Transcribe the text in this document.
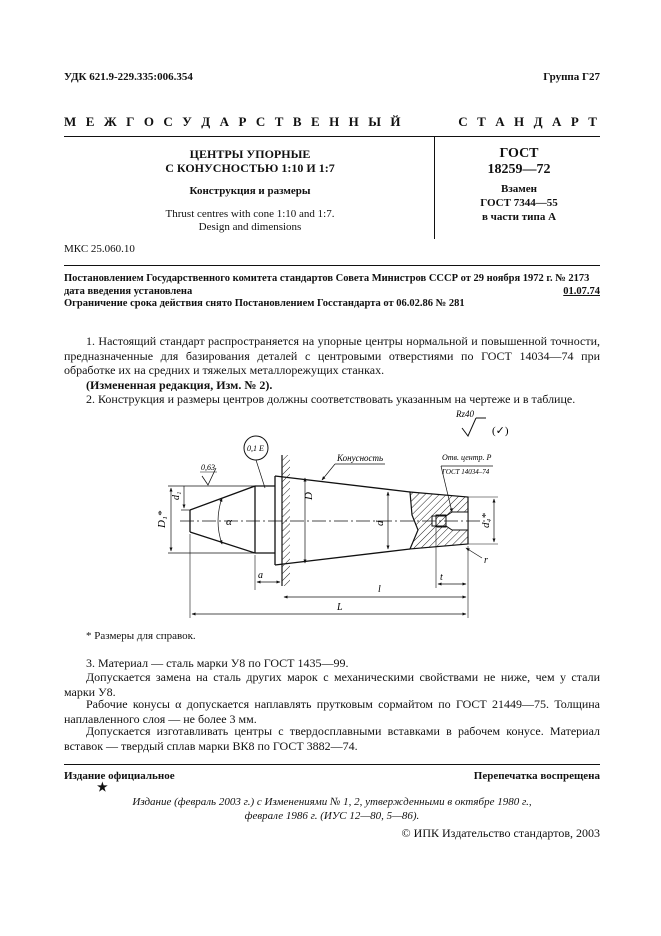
УДК 621.9-229.335:006.354	Группа Г27
М Е Ж Г О С У Д А Р С Т В Е Н Н Ы Й	С Т А Н Д А Р Т
ЦЕНТРЫ УПОРНЫЕ
С КОНУСНОСТЬЮ 1:10 И 1:7
Конструкция и размеры
Thrust centres with cone 1:10 and 1:7.
Design and dimensions
ГОСТ
18259—72
Взамен
ГОСТ 7344—55
в части типа А
МКС 25.060.10
Постановлением Государственного комитета стандартов Совета Министров СССР от 29 ноября 1972 г. № 2173
дата введения установлена	01.07.74
Ограничение срока действия снято Постановлением Госстандарта от 06.02.86 № 281
1. Настоящий стандарт распространяется на упорные центры нормальной и повышенной точности, предназначенные для базирования деталей с центровыми отверстиями по ГОСТ 14034—74 при обработке их на средних и тяжелых металлорежущих станках.
(Измененная редакция, Изм. № 2).
2. Конструкция и размеры центров должны соответствовать указанным на чертеже и в таблице.
Rz40
(✓)
D₁*
d₁
α
0,63
0,1 Е
D
Конусность
d
Отв. центр. Р
ГОСТ 14034–74
d₄*
r
a
l
t
L
* Размеры для справок.
3. Материал — сталь марки У8 по ГОСТ 1435—99.
Допускается замена на сталь других марок с механическими свойствами не ниже, чем у стали марки У8.
Рабочие конусы α допускается наплавлять прутковым сормайтом по ГОСТ 21449—75. Толщина наплавленного слоя — не более 3 мм.
Допускается изготавливать центры с твердосплавными вставками в рабочем конусе. Материал вставок — твердый сплав марки ВК8 по ГОСТ 3882—74.
Издание официальное
★
Перепечатка воспрещена
Издание (февраль 2003 г.) с Изменениями № 1, 2, утвержденными в октябре 1980 г.,
феврале 1986 г. (ИУС 12—80, 5—86).
© ИПК Издательство стандартов, 2003
